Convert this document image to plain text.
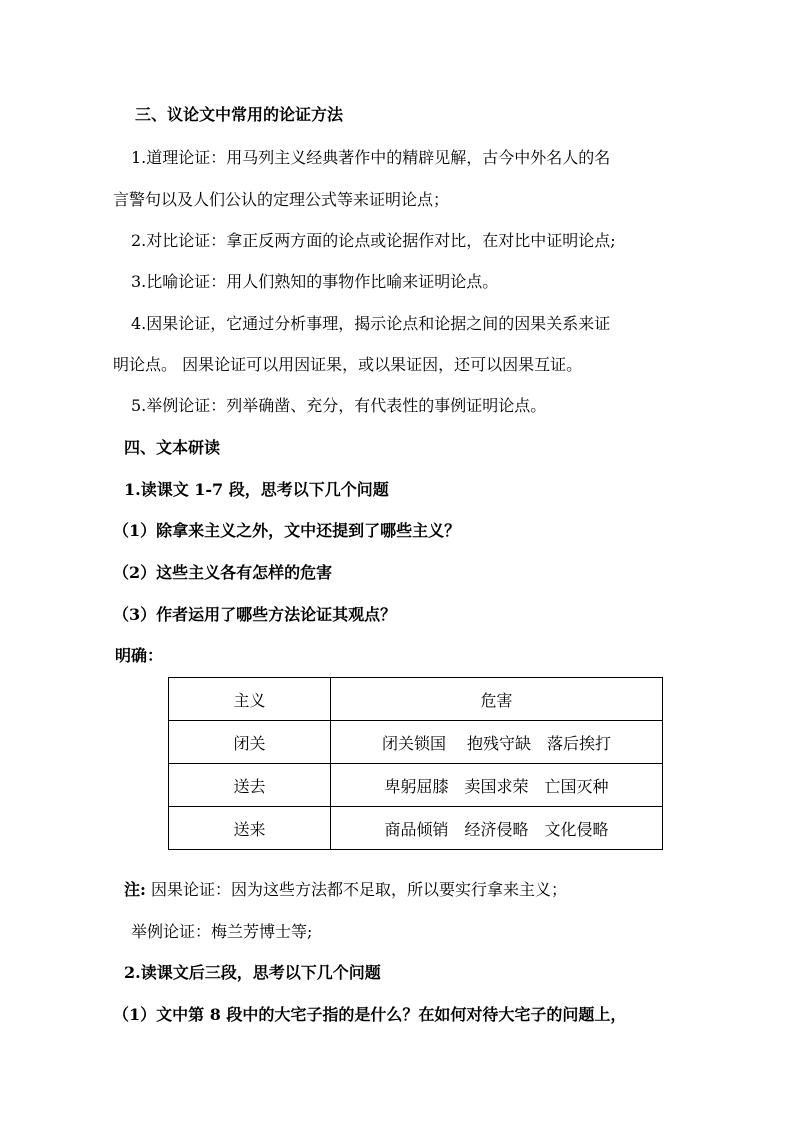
三、议论文中常用的论证方法
1.道理论证：用马列主义经典著作中的精辟见解，古今中外名人的名
言警句以及人们公认的定理公式等来证明论点；
2.对比论证：拿正反两方面的论点或论据作对比，在对比中证明论点;
3.比喻论证：用人们熟知的事物作比喻来证明论点。
4.因果论证，它通过分析事理，揭示论点和论据之间的因果关系来证
明论点。 因果论证可以用因证果，或以果证因，还可以因果互证。
5.举例论证：列举确凿、充分，有代表性的事例证明论点。
四、文本研读
1.读课文 1-7 段，思考以下几个问题
（1）除拿来主义之外，文中还提到了哪些主义？
（2）这些主义各有怎样的危害
（3）作者运用了哪些方法论证其观点？
明确：
主义	危害
闭关	闭关锁国　 抱残守缺　落后挨打
送去	卑躬屈膝　卖国求荣　亡国灭种
送来	商品倾销　经济侵略　文化侵略
注: 因果论证：因为这些方法都不足取，所以要实行拿来主义；
举例论证：梅兰芳博士等;
2.读课文后三段，思考以下几个问题
（1）文中第 8 段中的大宅子指的是什么？在如何对待大宅子的问题上，
